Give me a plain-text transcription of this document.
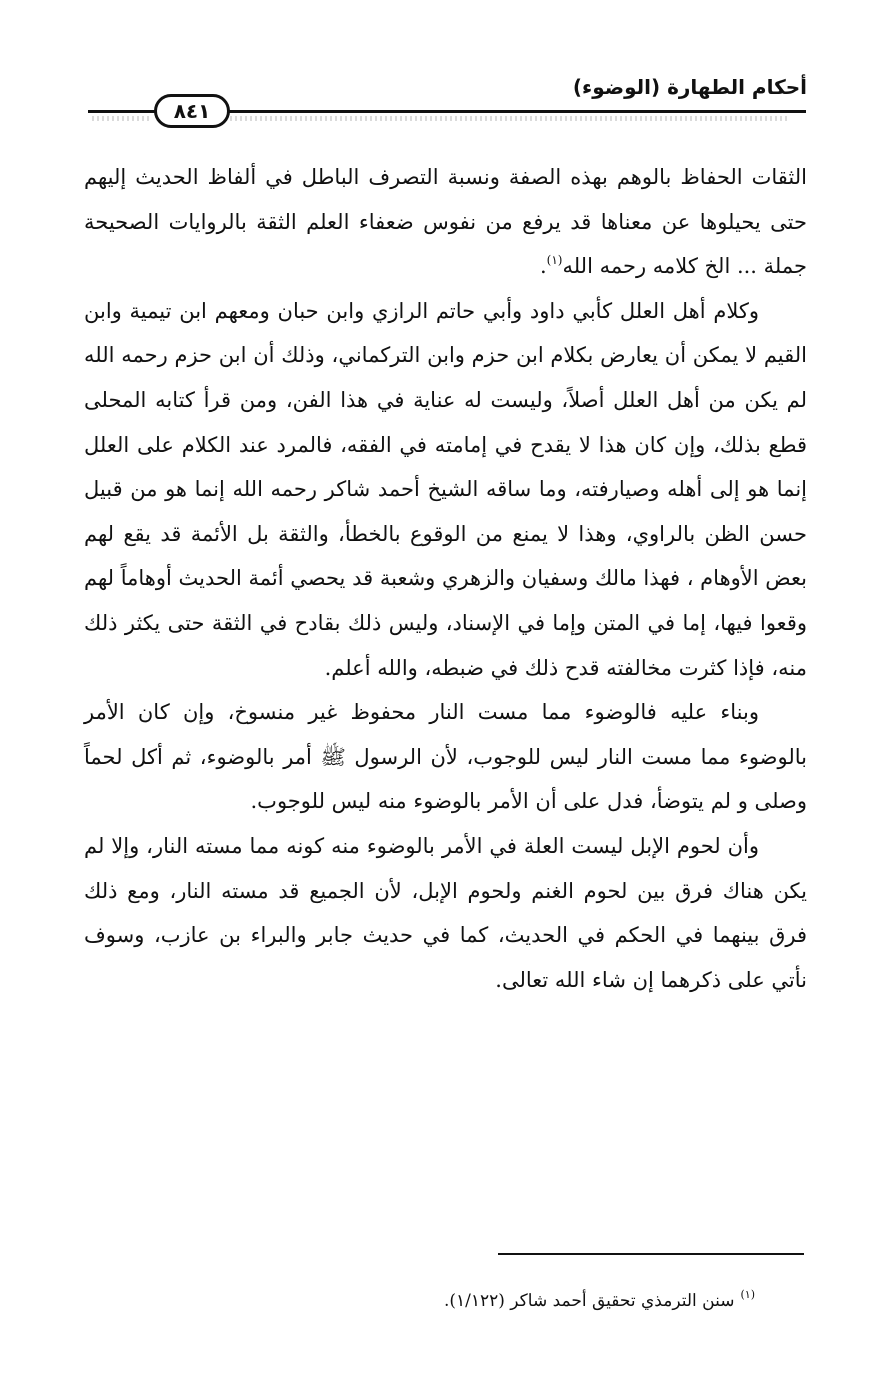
أحكام الطهارة (الوضوء)
٨٤١

الثقات الحفاظ بالوهم بهذه الصفة ونسبة التصرف الباطل في ألفاظ الحديث إليهم حتى يحيلوها عن معناها قد يرفع من نفوس ضعفاء العلم الثقة بالروايات الصحيحة جملة ... الخ كلامه رحمه الله$^{(١)}$.

وكلام أهل العلل كأبي داود وأبي حاتم الرازي وابن حبان ومعهم ابن تيمية وابن القيم لا يمكن أن يعارض بكلام ابن حزم وابن التركماني، وذلك أن ابن حزم رحمه الله لم يكن من أهل العلل أصلاً، وليست له عناية في هذا الفن، ومن قرأ كتابه المحلى قطع بذلك، وإن كان هذا لا يقدح في إمامته في الفقه، فالمرد عند الكلام على العلل إنما هو إلى أهله وصيارفته، وما ساقه الشيخ أحمد شاكر رحمه الله إنما هو من قبيل حسن الظن بالراوي، وهذا لا يمنع من الوقوع بالخطأ، والثقة بل الأئمة قد يقع لهم بعض الأوهام ، فهذا مالك وسفيان والزهري وشعبة قد يحصي أئمة الحديث أوهاماً لهم وقعوا فيها، إما في المتن وإما في الإسناد، وليس ذلك بقادح في الثقة حتى يكثر ذلك منه، فإذا كثرت مخالفته قدح ذلك في ضبطه، والله أعلم.

وبناء عليه فالوضوء مما مست النار محفوظ غير منسوخ، وإن كان الأمر بالوضوء مما مست النار ليس للوجوب، لأن الرسول ﷺ أمر بالوضوء، ثم أكل لحماً وصلى و لم يتوضأ، فدل على أن الأمر بالوضوء منه ليس للوجوب.

وأن لحوم الإبل ليست العلة في الأمر بالوضوء منه كونه مما مسته النار، وإلا لم يكن هناك فرق بين لحوم الغنم ولحوم الإبل، لأن الجميع قد مسته النار، ومع ذلك فرق بينهما في الحكم في الحديث، كما في حديث جابر والبراء بن عازب، وسوف نأتي على ذكرهما إن شاء الله تعالى.

$^{(١)}$سنن الترمذي تحقيق أحمد شاكر (١/١٢٢).
